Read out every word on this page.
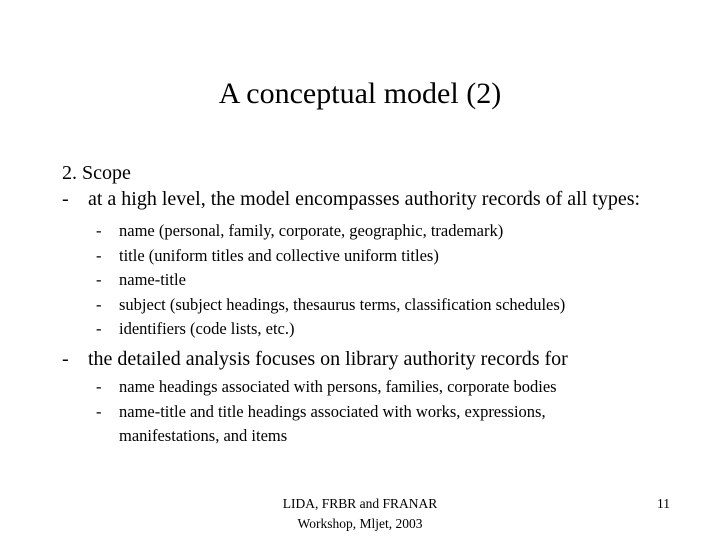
A conceptual model (2)
2. Scope
- at a high level, the model encompasses authority records of all types:
- name (personal, family, corporate, geographic, trademark)
- title (uniform titles and collective uniform titles)
- name-title
- subject (subject headings, thesaurus terms, classification schedules)
- identifiers (code lists, etc.)
- the detailed analysis focuses on library authority records for
- name headings associated with persons, families, corporate bodies
- name-title and title headings associated with works, expressions, manifestations, and items
LIDA, FRBR and FRANAR
Workshop, Mljet, 2003
11
